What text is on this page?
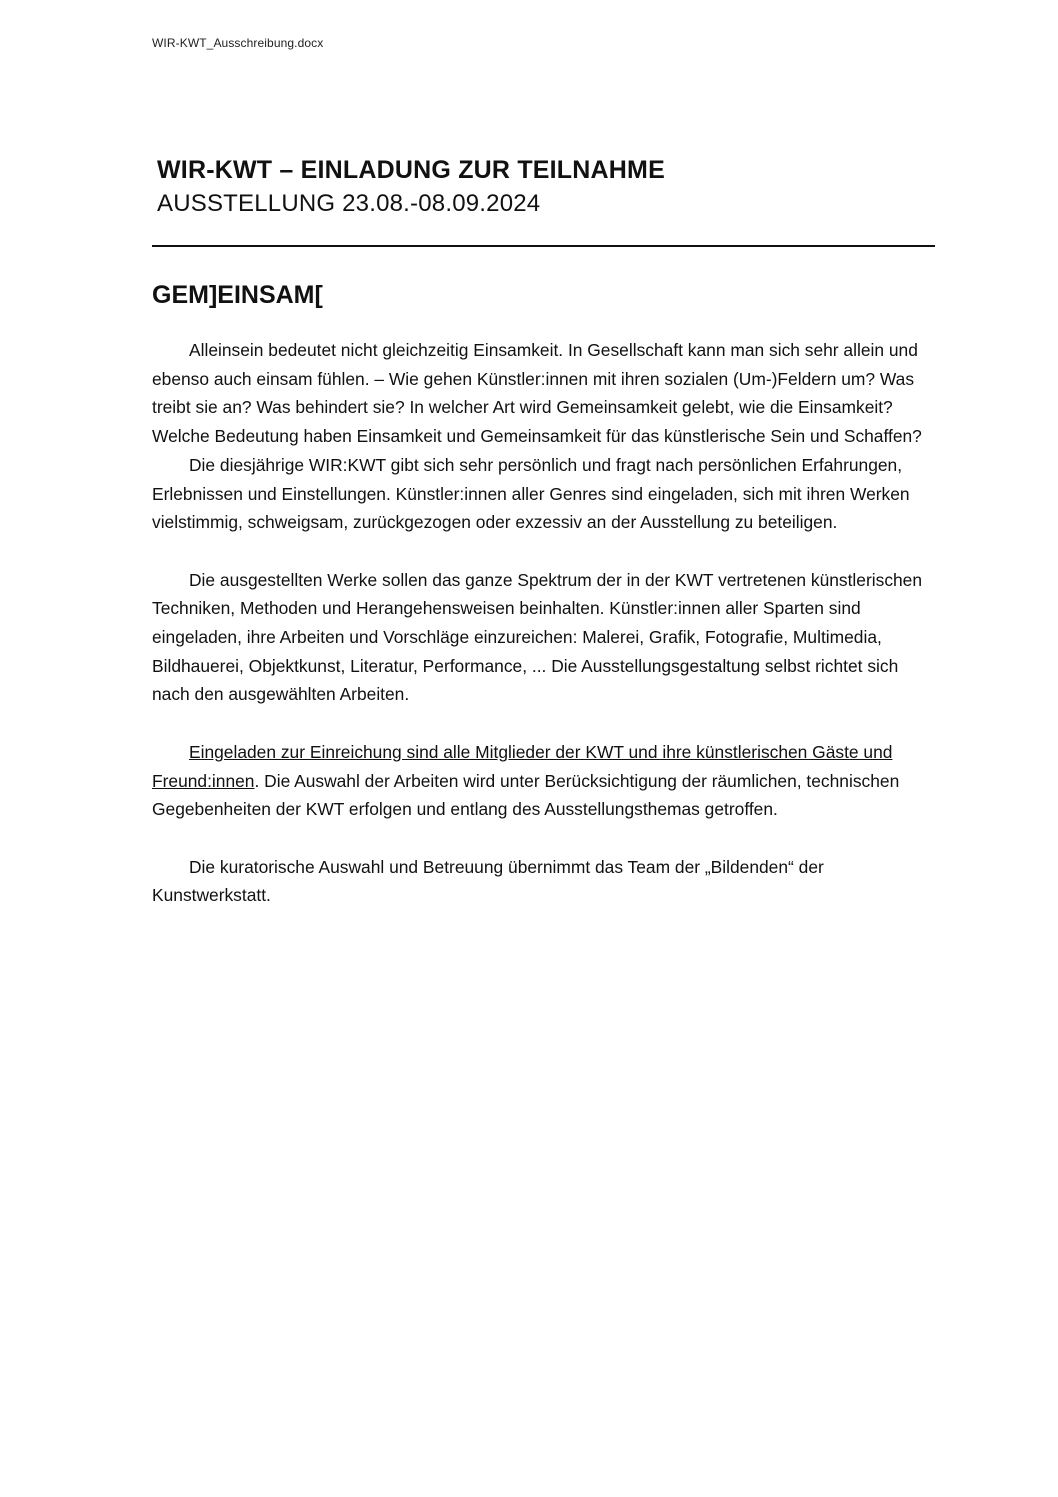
WIR-KWT_Ausschreibung.docx
WIR-KWT – EINLADUNG ZUR TEILNAHME
AUSSTELLUNG 23.08.-08.09.2024
GEM]EINSAM[

Alleinsein bedeutet nicht gleichzeitig Einsamkeit. In Gesellschaft kann man sich sehr allein und ebenso auch einsam fühlen. – Wie gehen Künstler:innen mit ihren sozialen (Um-)Feldern um? Was treibt sie an? Was behindert sie? In welcher Art wird Gemeinsamkeit gelebt, wie die Einsamkeit? Welche Bedeutung haben Einsamkeit und Gemeinsamkeit für das künstlerische Sein und Schaffen?

Die diesjährige WIR:KWT gibt sich sehr persönlich und fragt nach persönlichen Erfahrungen, Erlebnissen und Einstellungen. Künstler:innen aller Genres sind eingeladen, sich mit ihren Werken vielstimmig, schweigsam, zurückgezogen oder exzessiv an der Ausstellung zu beteiligen.

Die ausgestellten Werke sollen das ganze Spektrum der in der KWT vertretenen künstlerischen Techniken, Methoden und Herangehensweisen beinhalten. Künstler:innen aller Sparten sind eingeladen, ihre Arbeiten und Vorschläge einzureichen: Malerei, Grafik, Fotografie, Multimedia, Bildhauerei, Objektkunst, Literatur, Performance, ... Die Ausstellungsgestaltung selbst richtet sich nach den ausgewählten Arbeiten.

Eingeladen zur Einreichung sind alle Mitglieder der KWT und ihre künstlerischen Gäste und Freund:innen. Die Auswahl der Arbeiten wird unter Berücksichtigung der räumlichen, technischen Gegebenheiten der KWT erfolgen und entlang des Ausstellungsthemas getroffen.

Die kuratorische Auswahl und Betreuung übernimmt das Team der „Bildenden“ der Kunstwerkstatt.
